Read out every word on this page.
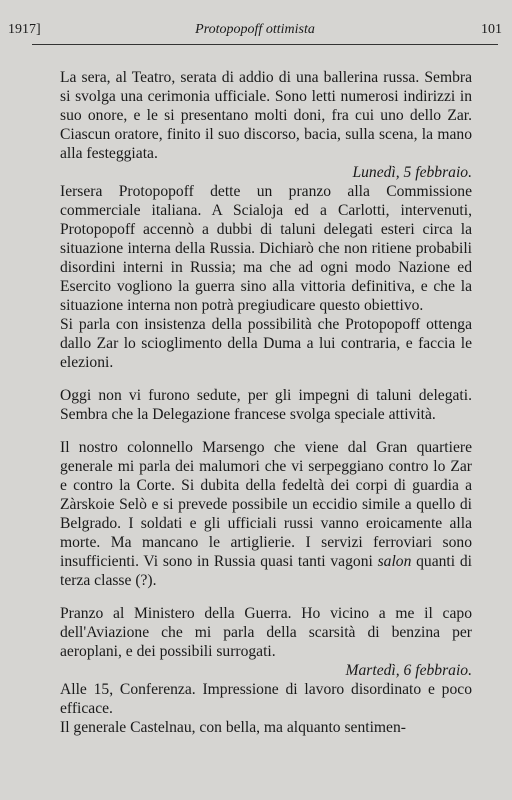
1917]	Protopopoff ottimista	101

La sera, al Teatro, serata di addio di una ballerina russa. Sembra si svolga una cerimonia ufficiale. Sono letti numerosi indirizzi in suo onore, e le si presentano molti doni, fra cui uno dello Zar. Ciascun oratore, finito il suo discorso, bacia, sulla scena, la mano alla festeggiata.

Lunedì, 5 febbraio.

Iersera Protopopoff dette un pranzo alla Commissione commerciale italiana. A Scialoja ed a Carlotti, intervenuti, Protopopoff accennò a dubbi di taluni delegati esteri circa la situazione interna della Russia. Dichiarò che non ritiene probabili disordini interni in Russia; ma che ad ogni modo Nazione ed Esercito vogliono la guerra sino alla vittoria definitiva, e che la situazione interna non potrà pregiudicare questo obiettivo.

Si parla con insistenza della possibilità che Protopopoff ottenga dallo Zar lo scioglimento della Duma a lui contraria, e faccia le elezioni.

Oggi non vi furono sedute, per gli impegni di taluni delegati. Sembra che la Delegazione francese svolga speciale attività.

Il nostro colonnello Marsengo che viene dal Gran quartiere generale mi parla dei malumori che vi serpeggiano contro lo Zar e contro la Corte. Si dubita della fedeltà dei corpi di guardia a Zàrskoie Selò e si prevede possibile un eccidio simile a quello di Belgrado. I soldati e gli ufficiali russi vanno eroicamente alla morte. Ma mancano le artiglierie. I servizi ferroviari sono insufficienti. Vi sono in Russia quasi tanti vagoni salon quanti di terza classe (?).

Pranzo al Ministero della Guerra. Ho vicino a me il capo dell'Aviazione che mi parla della scarsità di benzina per aeroplani, e dei possibili surrogati.

Martedì, 6 febbraio.

Alle 15, Conferenza. Impressione di lavoro disordinato e poco efficace.

Il generale Castelnau, con bella, ma alquanto sentimen-
